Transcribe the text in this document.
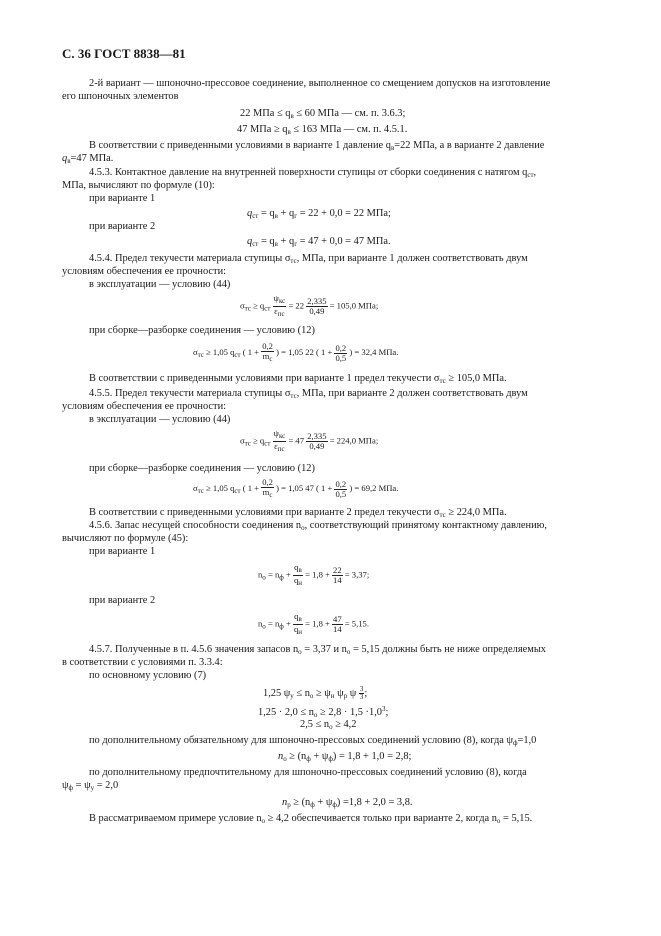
С. 36 ГОСТ 8838—81
2-й вариант — шпоночно-прессовое соединение, выполненное со смещением допусков на изготовление
его шпоночных элементов
22 МПа ≤ $q_в \le 60$ МПа — см. п. 3.6.3;
47 МПа ≥ $q_в \le 163$ МПа — см. п. 4.5.1.
В соответствии с приведенными условиями в варианте 1 давление $q_в=22$ МПа, а в варианте 2 давление
$q_в=47$ МПа.
4.5.3. Контактное давление на внутренней поверхности ступицы от сборки соединения с натягом $q_{ст}$,
МПа, вычисляют по формуле (10):
при варианте 1
$q_{ст} = q_в + q_г = 22 + 0,0 = 22$ МПа;
при варианте 2
$q_{ст} = q_в + q_г = 47 + 0,0 = 47$ МПа.
4.5.4. Предел текучести материала ступицы $\sigma_{тс}$, МПа, при варианте 1 должен соответствовать двум
условиям обеспечения ее прочности:
в эксплуатации — условию (44)
$\sigma_{тс} \ge q_{ст} \frac{\psi_{кс}}{\varepsilon_{пс}} = 22 \frac{2,335}{0,49} = 105,0$ МПа;
при сборке—разборке соединения — условию (12)
$\sigma_{тс} \ge 1,05$ $q_{ст}$ ( $1 + \frac{0,2}{m_с}$ ) = 1,05 22 ( $1 + \frac{0,2}{0,5}$ ) = 32,4 МПа.
В соответствии с приведенными условиями при варианте 1 предел текучести $\sigma_{тс} \ge 105,0$ МПа.
4.5.5. Предел текучести материала ступицы $\sigma_{тс}$, МПа, при варианте 2 должен соответствовать двум
условиям обеспечения ее прочности:
в эксплуатации — условию (44)
$\sigma_{тс} \ge q_{ст} \frac{\psi_{кс}}{\varepsilon_{пс}} = 47 \frac{2,335}{0,49} = 224,0$ МПа;
при сборке—разборке соединения — условию (12)
$\sigma_{тс} \ge 1,05$ $q_{ст}$ ( $1 + \frac{0,2}{m_с}$ ) = 1,05 47 ( $1 + \frac{0,2}{0,5}$ ) = 69,2 МПа.
В соответствии с приведенными условиями при варианте 2 предел текучести $\sigma_{тс} \ge 224,0$ МПа.
4.5.6. Запас несущей способности соединения $n_о$, соответствующий принятому контактному давлению,
вычисляют по формуле (45):
при варианте 1
$n_о = n_ф + \frac{q_в}{q_н} = 1,8 + \frac{22}{14} = 3,37$;
при варианте 2
$n_о = n_ф + \frac{q_в}{q_н} = 1,8 + \frac{47}{14} = 5,15$.
4.5.7. Полученные в п. 4.5.6 значения запасов $n_о = 3,37$ и $n_о = 5,15$ должны быть не ниже определяемых
в соответствии с условиями п. 3.3.4:
по основному условию (7)
1,25 $\psi_у \le n_о \ge \psi_н$ $\psi_р$ ψ $\frac{3}{3}$ ;
$1,25 \cdot 2,0 \le n_о \ge 2,8 \cdot 1,5 \cdot 1,0^3$;
$2,5 \le n_о \ge 4,2$
по дополнительному обязательному для шпоночно-прессовых соединений условию (8), когда $\psi_ф=1,0$
$n_о \ge (n_ф + \psi_ф) = 1,8 + 1,0 = 2,8$;
по дополнительному предпочтительному для шпоночно-прессовых соединений условию (8), когда
$\psi_ф = \psi_у = 2,0$
$n_р \ge (n_ф + \psi_ф) =1,8 + 2,0 = 3,8$.
В рассматриваемом примере условие $n_о \ge 4,2$ обеспечивается только при варианте 2, когда $n_о = 5,15$.
